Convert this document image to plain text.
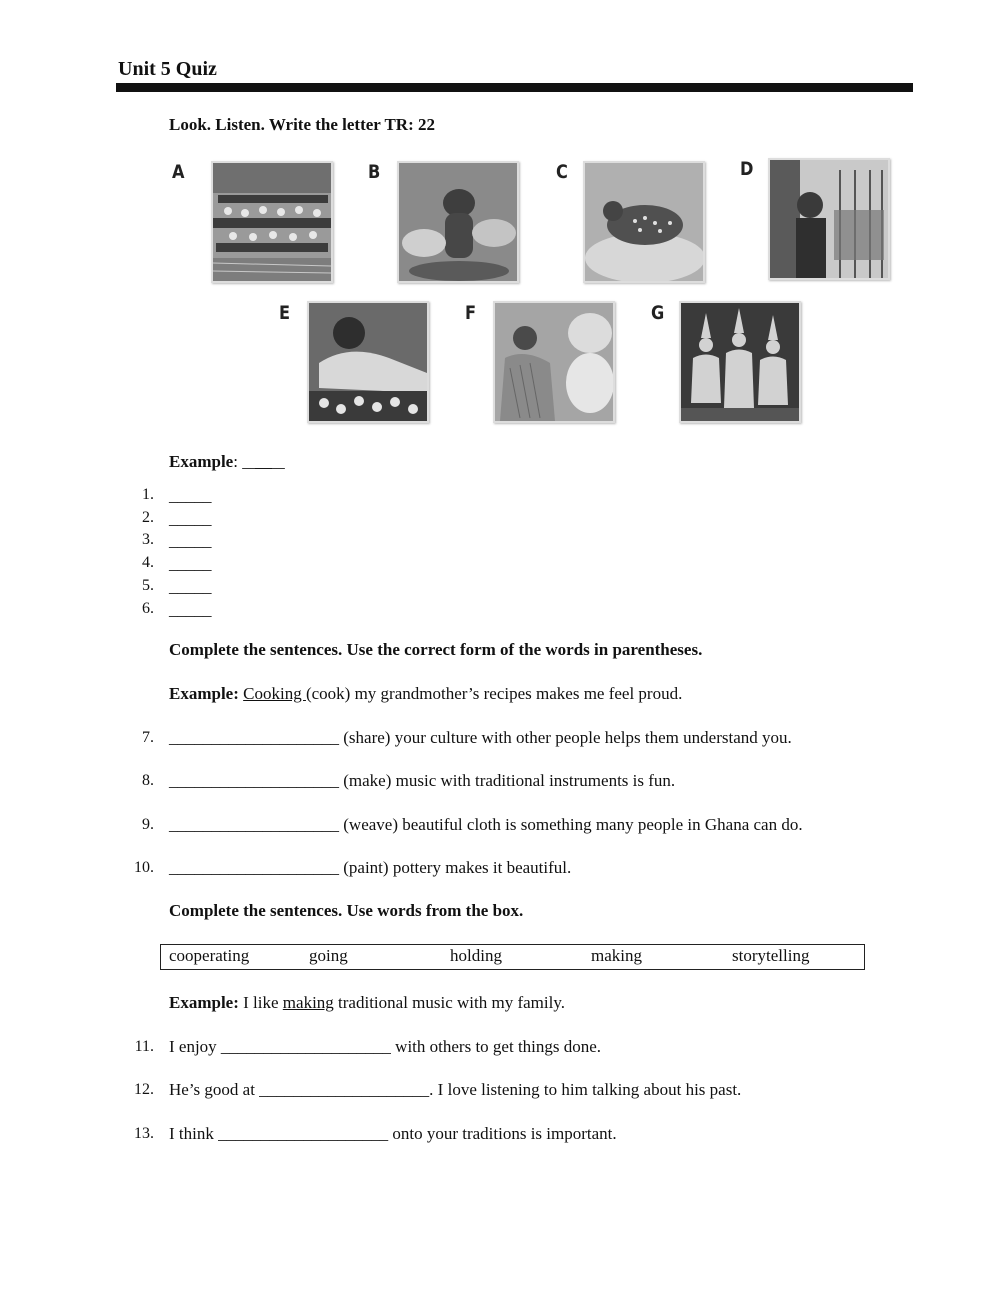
Unit 5 Quiz
Look. Listen. Write the letter TR: 22
A	B	C	D
E	F	G
Example: __̲_̲__
1. _____
2. _____
3. _____
4. _____
5. _____
6. _____
Complete the sentences. Use the correct form of the words in parentheses.
Example: Cooking (cook) my grandmother’s recipes makes me feel proud.
7. ____________________ (share) your culture with other people helps them understand you.
8. ____________________ (make) music with traditional instruments is fun.
9. ____________________ (weave) beautiful cloth is something many people in Ghana can do.
10. ____________________ (paint) pottery makes it beautiful.
Complete the sentences. Use words from the box.
cooperating	going	holding	making	storytelling
Example: I like making traditional music with my family.
11. I enjoy ____________________ with others to get things done.
12. He’s good at ____________________. I love listening to him talking about his past.
13. I think ____________________ onto your traditions is important.
